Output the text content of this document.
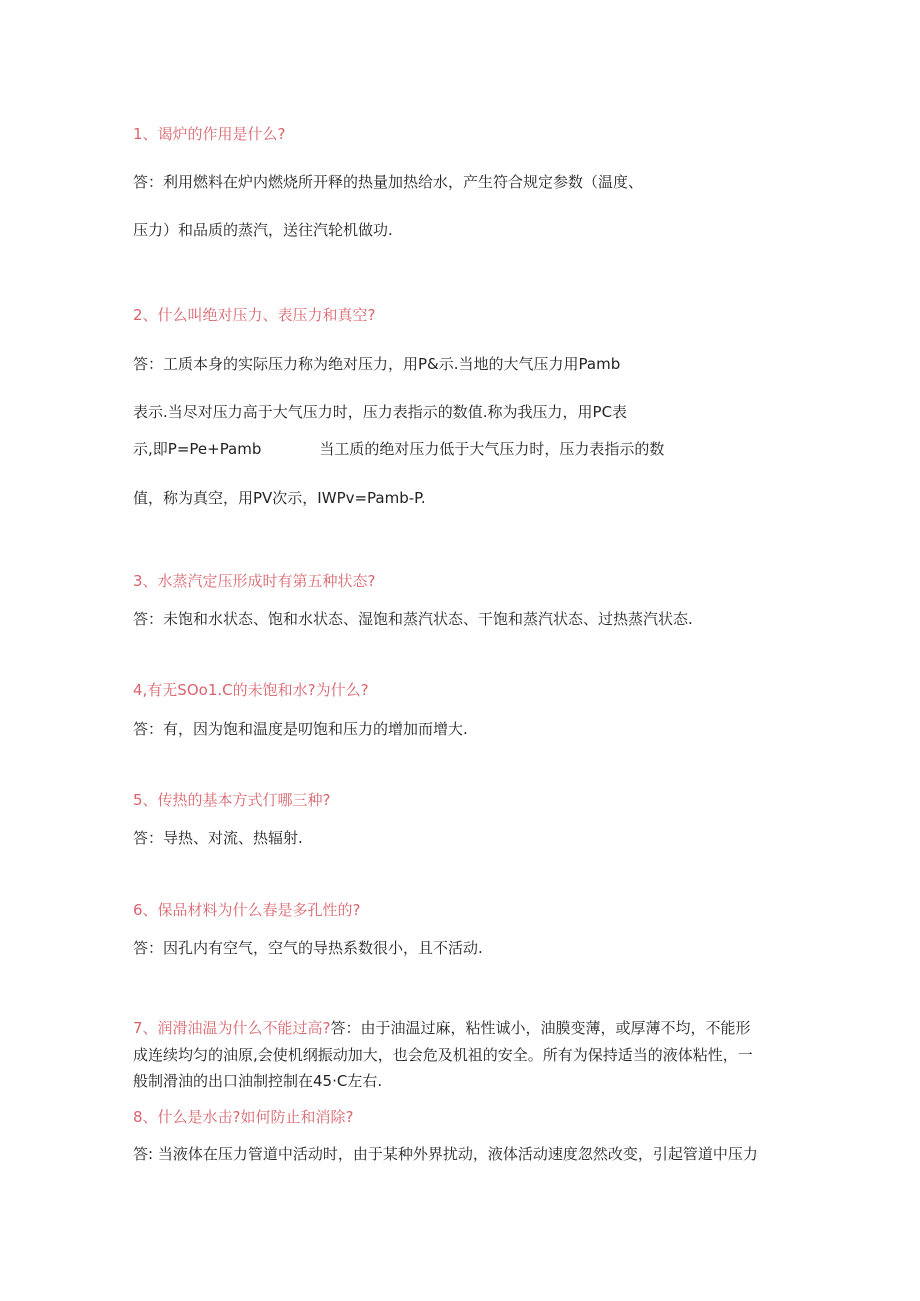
1、谒炉的作用是什么?
答：利用燃料在炉内燃烧所开释的热量加热给水，产生符合规定参数（温度、
压力）和品质的蒸汽，送往汽轮机做功.
2、什么叫绝对压力、表压力和真空?
答：工质本身的实际压力称为绝对压力，用P&示.当地的大气压力用Pamb
表示.当尽对压力高于大气压力时，压力表指示的数值.称为我压力，用PC表
示,即P=Pe+Pamb	当工质的绝对压力低于大气压力时，压力表指示的数
值，称为真空，用PV次示，IWPv=Pamb-P.
3、水蒸汽定压形成时有第五种状态?
答：未饱和水状态、饱和水状态、湿饱和蒸汽状态、干饱和蒸汽状态、过热蒸汽状态.
4,有无SOo1.C的未饱和水?为什么?
答：有，因为饱和温度是叨饱和压力的增加而增大.
5、传热的基本方式仃哪三种?
答：导热、对流、热辐射.
6、保品材料为什么春是多孔性的?
答：因孔内有空气，空气的导热系数很小，且不活动.
7、润滑油温为什么不能过高?答：由于油温过麻，粘性诚小，油膜变薄，或厚薄不均，不能形
成连续均匀的油原,会使机纲振动加大，也会危及机祖的安全。所有为保持适当的液体粘性，一
般制滑油的出口油制控制在45·C左右.
8、什么是水击?如何防止和消除?
答: 当液体在压力管道中活动时，由于某种外界扰动，液体活动速度忽然改变，引起管道中压力
